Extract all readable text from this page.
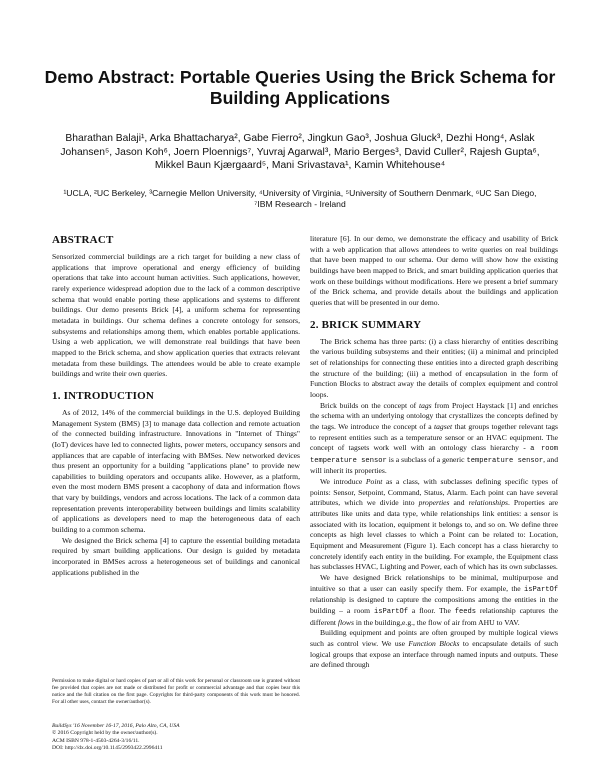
Demo Abstract: Portable Queries Using the Brick Schema for Building Applications
Bharathan Balaji¹, Arka Bhattacharya², Gabe Fierro², Jingkun Gao³, Joshua Gluck³, Dezhi Hong⁴, Aslak Johansen⁵, Jason Koh⁶, Joern Ploennigs⁷, Yuvraj Agarwal³, Mario Berges³, David Culler², Rajesh Gupta⁶, Mikkel Baun Kjærgaard⁵, Mani Srivastava¹, Kamin Whitehouse⁴
¹UCLA, ²UC Berkeley, ³Carnegie Mellon University, ⁴University of Virginia, ⁵University of Southern Denmark, ⁶UC San Diego, ⁷IBM Research - Ireland
ABSTRACT

Sensorized commercial buildings are a rich target for building a new class of applications that improve operational and energy efficiency of building operations that take into account human activities. Such applications, however, rarely experience widespread adoption due to the lack of a common descriptive schema that would enable porting these applications and systems to different buildings. Our demo presents Brick [4], a uniform schema for representing metadata in buildings. Our schema defines a concrete ontology for sensors, subsystems and relationships among them, which enables portable applications. Using a web application, we will demonstrate real buildings that have been mapped to the Brick schema, and show application queries that extracts relevant metadata from these buildings. The attendees would be able to create example buildings and write their own queries.

1. INTRODUCTION

As of 2012, 14% of the commercial buildings in the U.S. deployed Building Management System (BMS) [3] to manage data collection and remote actuation of the connected building infrastructure. Innovations in "Internet of Things" (IoT) devices have led to connected lights, power meters, occupancy sensors and appliances that are capable of interfacing with BMSes. New networked devices thus present an opportunity for a building "applications plane" to provide new capabilities to building operators and occupants alike. However, as a platform, even the most modern BMS present a cacophony of data and information flows that vary by buildings, vendors and across locations. The lack of a common data representation prevents interoperability between buildings and limits scalability of applications as developers need to map the heterogeneous data of each building to a common schema.

We designed the Brick schema [4] to capture the essential building metadata required by smart building applications. Our design is guided by metadata incorporated in BMSes across a heterogeneous set of buildings and canonical applications published in the

Permission to make digital or hard copies of part or all of this work for personal or classroom use is granted without fee provided that copies are not made or distributed for profit or commercial advantage and that copies bear this notice and the full citation on the first page. Copyrights for third-party components of this work must be honored. For all other uses, contact the owner/author(s).

BuildSys '16 November 16-17, 2016, Palo Alto, CA, USA
© 2016 Copyright held by the owner/author(s).
ACM ISBN 978-1-4503-4264-3/16/11.
DOI: http://dx.doi.org/10.1145/2993422.2996411

literature [6]. In our demo, we demonstrate the efficacy and usability of Brick with a web application that allows attendees to write queries on real buildings that have been mapped to our schema. Our demo will show how the existing buildings have been mapped to Brick, and smart building application queries that work on these buildings without modifications. Here we present a brief summary of the Brick schema, and provide details about the buildings and application queries that will be presented in our demo.

2. BRICK SUMMARY

The Brick schema has three parts: (i) a class hierarchy of entities describing the various building subsystems and their entities; (ii) a minimal and principled set of relationships for connecting these entities into a directed graph describing the structure of the building; (iii) a method of encapsulation in the form of Function Blocks to abstract away the details of complex equipment and control loops.

Brick builds on the concept of tags from Project Haystack [1] and enriches the schema with an underlying ontology that crystallizes the concepts defined by the tags. We introduce the concept of a tagset that groups together relevant tags to represent entities such as a temperature sensor or an HVAC equipment. The concept of tagsets work well with an ontology class hierarchy - a room temperature sensor is a subclass of a generic temperature sensor, and will inherit its properties.

We introduce Point as a class, with subclasses defining specific types of points: Sensor, Setpoint, Command, Status, Alarm. Each point can have several attributes, which we divide into properties and relationships. Properties are attributes like units and data type, while relationships link entities: a sensor is associated with its location, equipment it belongs to, and so on. We define three concepts as high level classes to which a Point can be related to: Location, Equipment and Measurement (Figure 1). Each concept has a class hierarchy to concretely identify each entity in the building. For example, the Equipment class has subclasses HVAC, Lighting and Power, each of which has its own subclasses.

We have designed Brick relationships to be minimal, multipurpose and intuitive so that a user can easily specify them. For example, the isPartOf relationship is designed to capture the compositions among the entities in the building – a room isPartOf a floor. The feeds relationship captures the different flows in the building,e.g., the flow of air from AHU to VAV.

Building equipment and points are often grouped by multiple logical views such as control view. We use Function Blocks to encapsulate details of such logical groups that expose an interface through named inputs and outputs. These are defined through
